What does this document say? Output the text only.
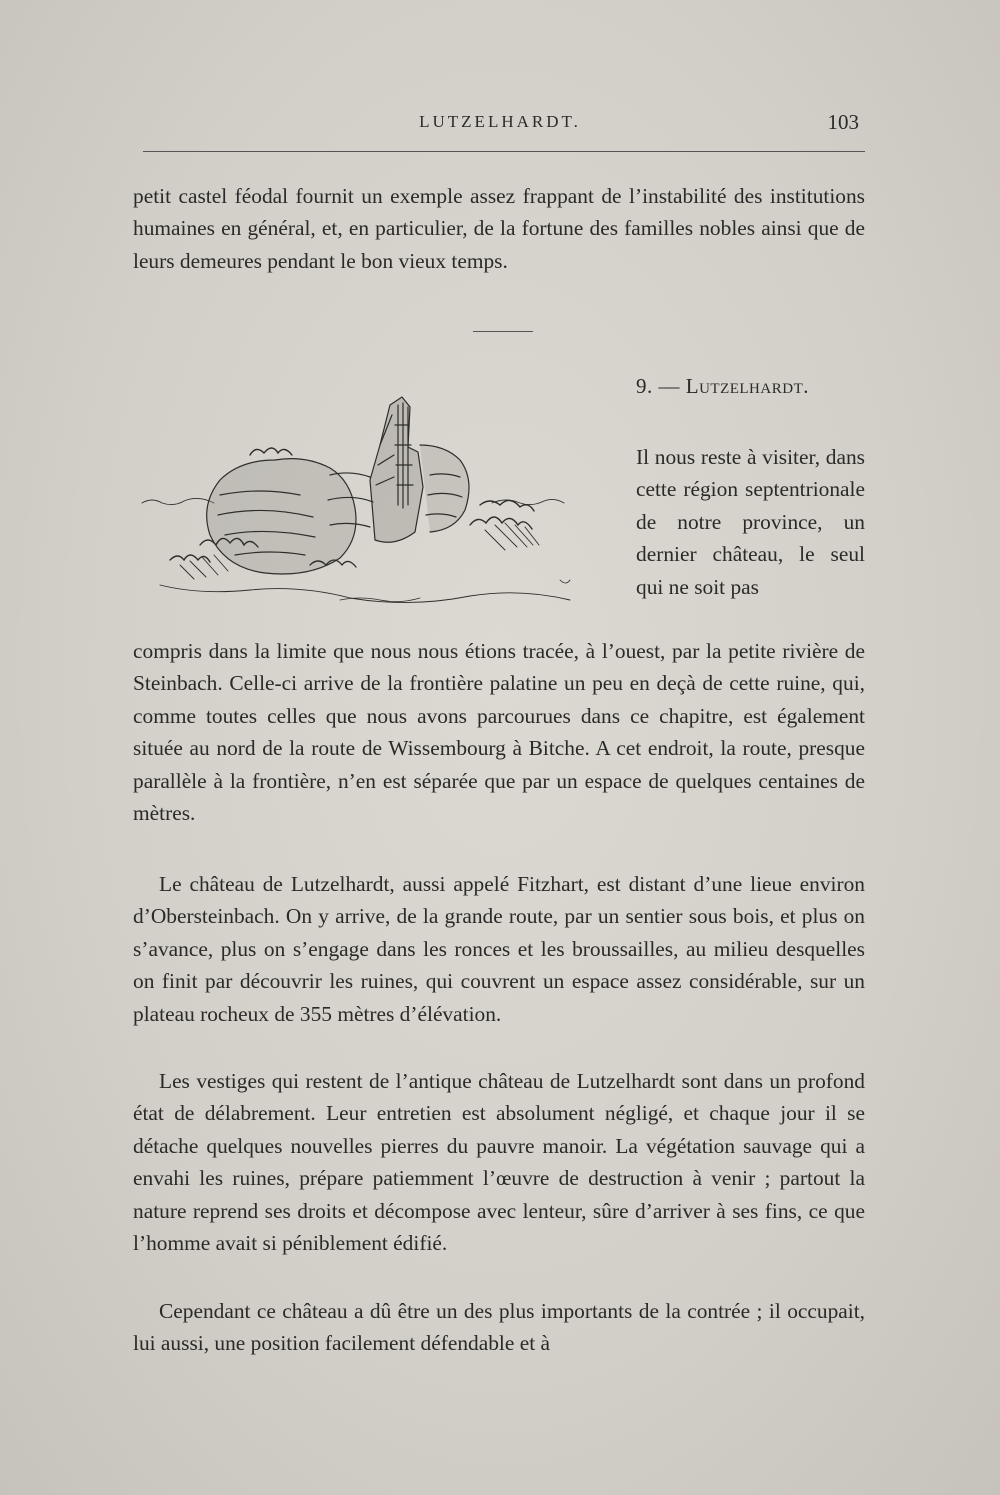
LUTZELHARDT.	103

petit castel féodal fournit un exemple assez frappant de l’instabilité des institutions humaines en général, et, en particulier, de la fortune des familles nobles ainsi que de leurs demeures pendant le bon vieux temps.

9. — Lutzelhardt.

Il nous reste à visiter, dans cette région septentrionale de notre province, un dernier château, le seul qui ne soit pas

compris dans la limite que nous nous étions tracée, à l’ouest, par la petite rivière de Steinbach. Celle-ci arrive de la frontière palatine un peu en deçà de cette ruine, qui, comme toutes celles que nous avons parcourues dans ce chapitre, est également située au nord de la route de Wissembourg à Bitche. A cet endroit, la route, presque parallèle à la frontière, n’en est séparée que par un espace de quelques centaines de mètres.

Le château de Lutzelhardt, aussi appelé Fitzhart, est distant d’une lieue environ d’Obersteinbach. On y arrive, de la grande route, par un sentier sous bois, et plus on s’avance, plus on s’engage dans les ronces et les broussailles, au milieu desquelles on finit par découvrir les ruines, qui couvrent un espace assez considérable, sur un plateau rocheux de 355 mètres d’élévation.

Les vestiges qui restent de l’antique château de Lutzelhardt sont dans un profond état de délabrement. Leur entretien est absolument négligé, et chaque jour il se détache quelques nouvelles pierres du pauvre manoir. La végétation sauvage qui a envahi les ruines, prépare patiemment l’œuvre de destruction à venir ; partout la nature reprend ses droits et décompose avec lenteur, sûre d’arriver à ses fins, ce que l’homme avait si péniblement édifié.

Cependant ce château a dû être un des plus importants de la contrée ; il occupait, lui aussi, une position facilement défendable et à
